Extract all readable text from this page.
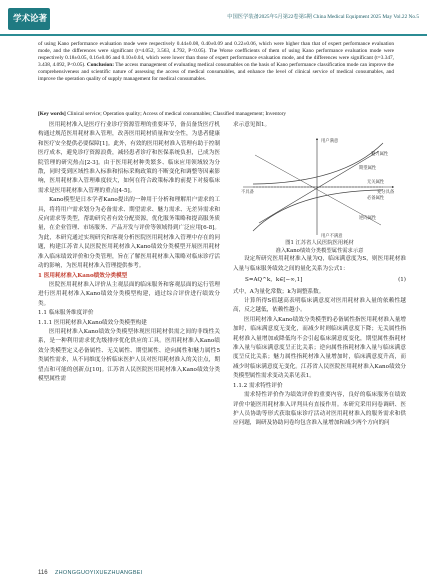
学术论著	中国医学装备2025年5月第22卷第5期 China Medical Equipment 2025 May Vol.22 No.5
of using Kano performance evaluation mode were respectively 0.44±0.08, 0.40±0.09 and 0.22±0.06, which were higher than that of expert performance evaluation mode, and the differences were significant (t=4.052, 3.563, 4.792, P<0.05). The Worse coefficients of them of using Kano performance evaluation mode were respectively 0.18±0.05, 0.16±0.06 and 0.10±0.04, which were lower than those of expert performance evaluation mode, and the differences were significant (t=3.347, 3.438, 4.092, P<0.05). Conclusion: The access management of evaluating medical consumables on the basis of Kano performance classification mode can improve the comprehensiveness and scientific nature of assessing the access of medical consumables, and enhance the level of clinical service of medical consumables, and improve the operation quality of supply management for medical consumables.
[Key words] Clinical service; Operation quality; Access of medical consumables; Classified management; Inventory

医用耗材准入是医疗行业诊疗资源管理的重要环节，备员备货医疗机构通过规范医用耗材准入管理，改善医用耗材质量和安全性，为患者健康和医疗安全提供必要保障[1]。此外，有效的医用耗材准入管理有助于控制医疗成本，避免诊疗资源浪费，减轻患者诊疗和医保系统负担，已成为医院管理的研究热点[2-3]。由于医用耗材种类繁多、临床应用领域较为分散，同时受到区域性准入标准和招标采购政策的不断变化和调整等因素影响，医用耗材准入管理难度较大，如何在符合政策标准的前提下对接临床需求是医用耗材准入管理的重点[4-5]。

Kano模型是日本学者Kano提出的一种用于分析和理解用户需求的工具，将将用户需求划分为必备需求、期望需求、魅力需求、无差异需求和反向需求等类型，帮助研究者有效分配资源，优化服务策略和提高服务质量，在企业管理、市场服务、产品开发与评价等领域得到广泛应用[6-8]。为此，本研究通过实现研究和客观分析医院医用耗材准入管理中存在的问题，构建江苏省人民医院医用耗材准入Kano绩效分类模型开展医用耗材准入临床绩效评价和分类管理，旨在了解医用耗材准入策略对临床诊疗活动的影响，为医用耗材准入管理提供参考。

1 医用耗材准入Kano绩效分类模型

医院医用耗材准入评价从主观层面的临床服务和客观层面的运行管理进行医用耗材准入Kano绩效分类模型构建，通过综合评价进行绩效分类。

1.1 临床服务维度评价

1.1.1 医用耗材准入Kano绩效分类模型构建

医用耗材准入Kano绩效分类模型体现医用耗材供需之间的非线性关系，是一种利用需求优先级排序优化供应的工具。医用耗材准入Kano绩效分类模型定义必备属性、无关属性、期望属性、逆向属性和魅力属性5类属性需求，从不同维度分析临床医护人员对医用耗材准入的关注点，期望点和可能的创新点[10]。江苏省人民医院医用耗材准入Kano绩效分类模型属性需

求示意见图1。

用户满意
用户不满意
不具备	充分具备
魅力属性
期望属性
无关属性
必备属性
逆向属性

图1 江苏省人民医院医用耗材

准入Kano绩效分类模型属性需求示意

设定所研究医用耗材准入量为Q，临床满意度为S，则医用耗材准入量与临床服务绩效之间的量化关系为公式1：

S=AQ^k，k∈[−∞,1]	(1)

式中，A为量化常数；k为调整系数。

计算所得S值越高表明临床满意度对医用耗材准入量的依赖性越高，反之越低，依赖性越小。

医用耗材准入Kano绩效分类模型的必备属性指医用耗材准入量增加时，临床满意度无变化，而减少时则临床满意度下降；无关属性指耗材准入量增加或降低均不会引起临床满意度变化，期望属性指耗材准入量与临床满意度呈正比关系；逆向属性指耗材准入量与临床满意度呈反比关系；魅力属性指耗材准入量增加时，临床满意度升高，而减少时临床满意度无变化。江苏省人民医院医用耗材准入Kano绩效分类模型属性需求变动关系见表1。

1.1.2 需求特性评价

需求特性评价作为绩效评价的重要内容，良好的临床服务在绩效评价中能医用耗材准入评判具有直接作用。本研究采用问卷调研、医护人员协助等形式获取临床诊疗活动对医用耗材准入的服务需求和供应问题，调研及协助问卷均包含准入量增加和减少两个方向的问

116 ZHONGGUOYIXUEZHUANGBEI
